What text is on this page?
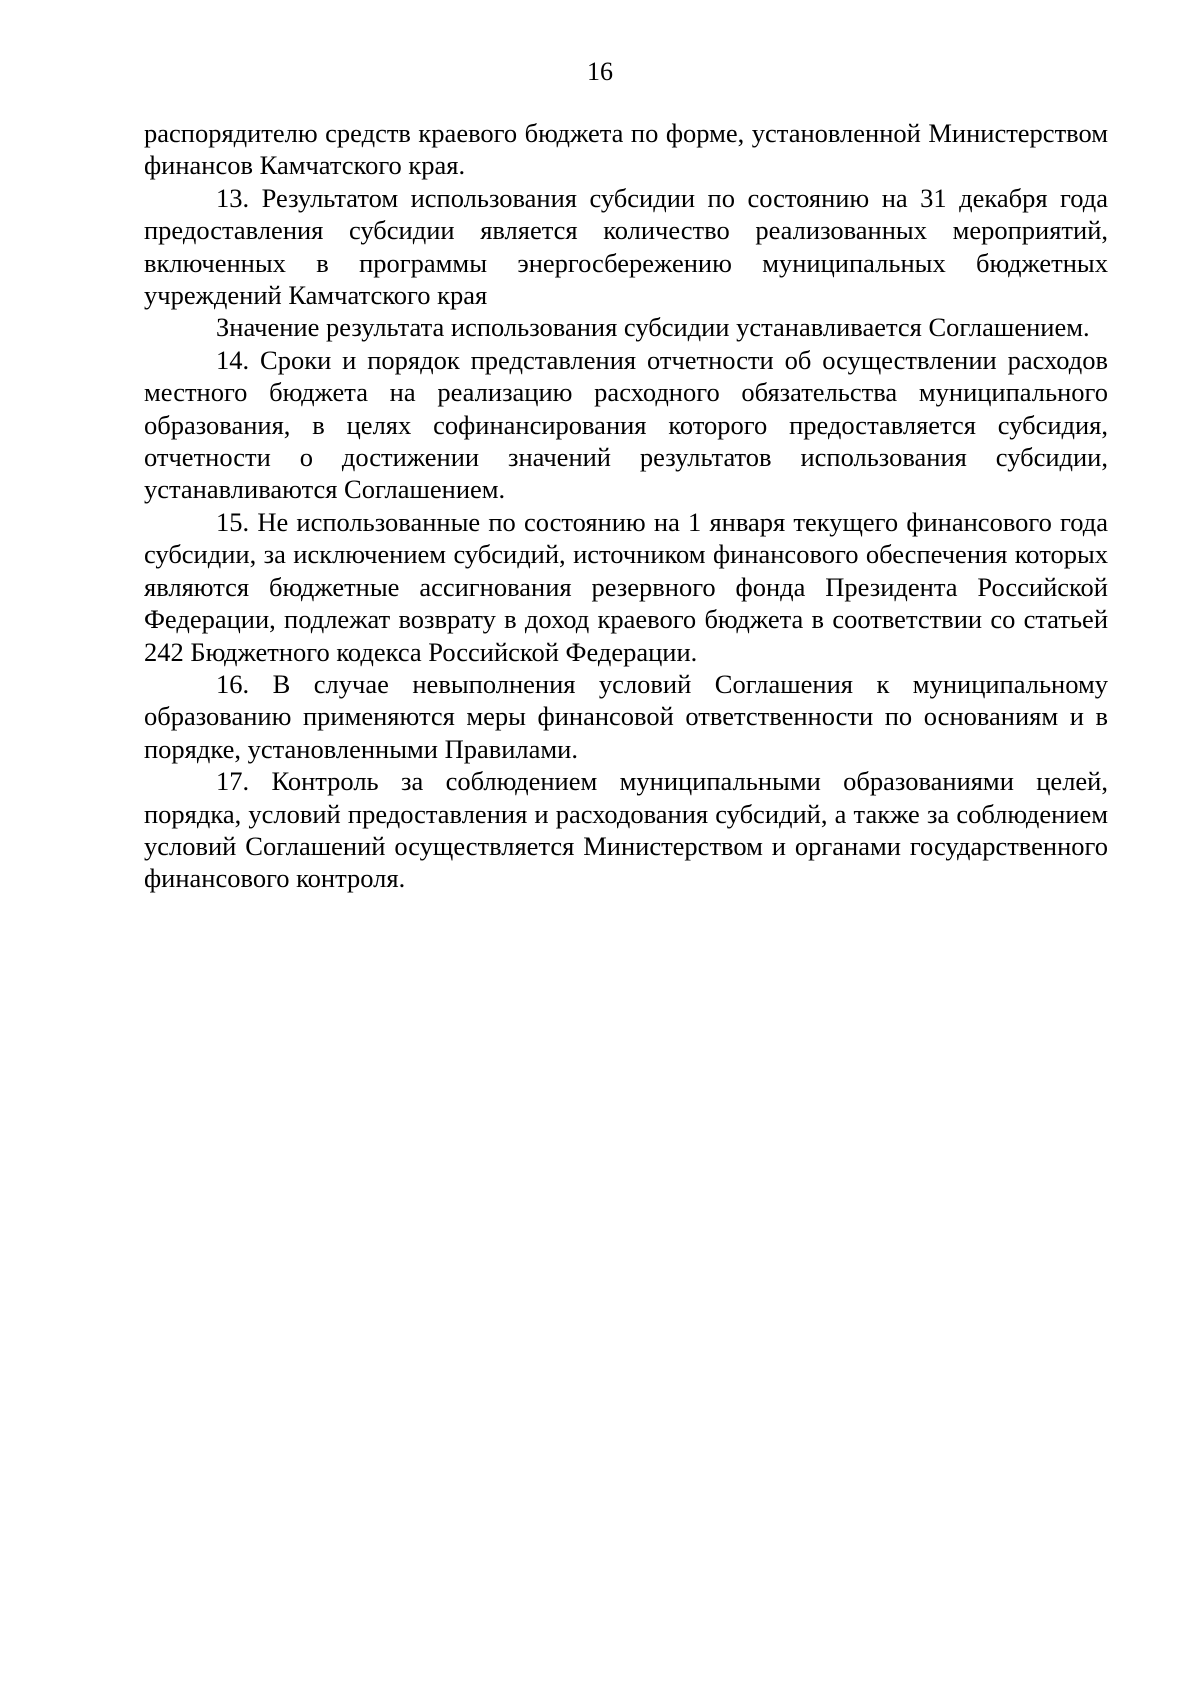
16

распорядителю средств краевого бюджета по форме, установленной Министерством финансов Камчатского края.

13. Результатом использования субсидии по состоянию на 31 декабря года предоставления субсидии является количество реализованных мероприятий, включенных в программы энергосбережению муниципальных бюджетных учреждений Камчатского края

Значение результата использования субсидии устанавливается Соглашением.

14. Сроки и порядок представления отчетности об осуществлении расходов местного бюджета на реализацию расходного обязательства муниципального образования, в целях софинансирования которого предоставляется субсидия, отчетности о достижении значений результатов использования субсидии, устанавливаются Соглашением.

15. Не использованные по состоянию на 1 января текущего финансового года субсидии, за исключением субсидий, источником финансового обеспечения которых являются бюджетные ассигнования резервного фонда Президента Российской Федерации, подлежат возврату в доход краевого бюджета в соответствии со статьей 242 Бюджетного кодекса Российской Федерации.

16. В случае невыполнения условий Соглашения к муниципальному образованию применяются меры финансовой ответственности по основаниям и в порядке, установленными Правилами.

17. Контроль за соблюдением муниципальными образованиями целей, порядка, условий предоставления и расходования субсидий, а также за соблюдением условий Соглашений осуществляется Министерством и органами государственного финансового контроля.
